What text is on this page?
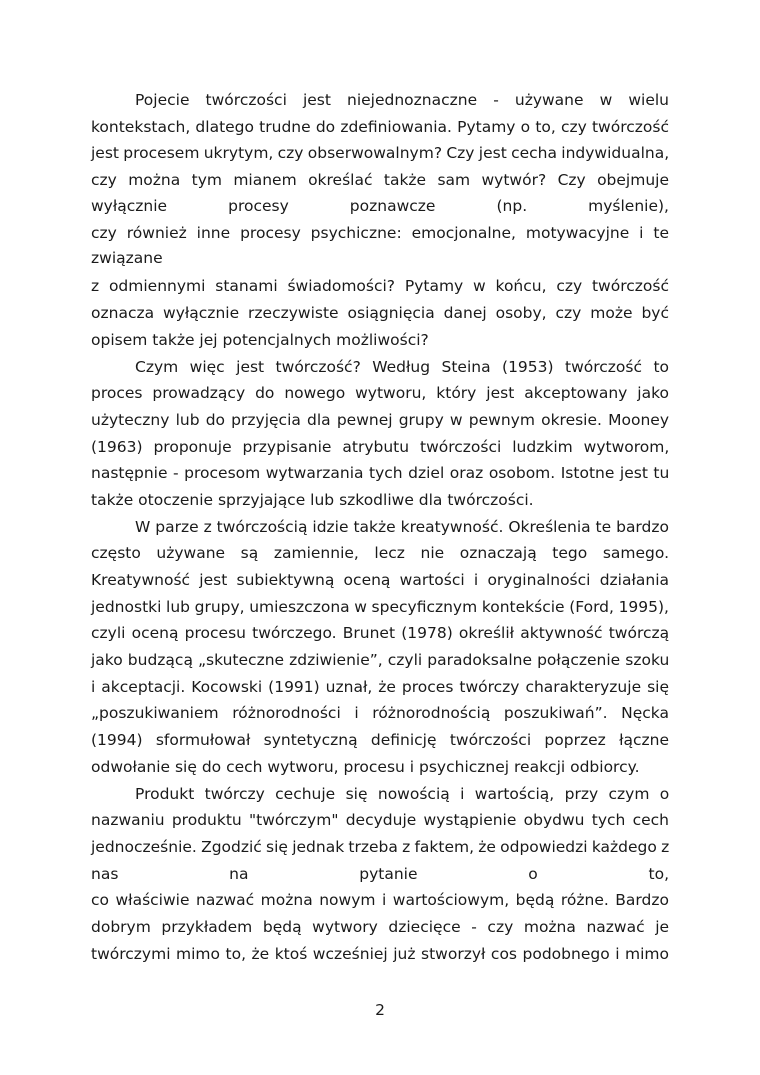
Pojecie twórczości jest niejednoznaczne - używane w wielu
kontekstach, dlatego trudne do zdefiniowania. Pytamy o to, czy twórczość
jest procesem ukrytym, czy obserwowalnym? Czy jest cecha indywidualna,
czy można tym mianem określać także sam wytwór? Czy obejmuje
wyłącznie procesy poznawcze (np. myślenie),
czy również inne procesy psychiczne: emocjonalne, motywacyjne i te
związane
z odmiennymi stanami świadomości? Pytamy w końcu, czy twórczość
oznacza wyłącznie rzeczywiste osiągnięcia danej osoby, czy może być
opisem także jej potencjalnych możliwości?
Czym więc jest twórczość? Według Steina (1953) twórczość to
proces prowadzący do nowego wytworu, który jest akceptowany jako
użyteczny lub do przyjęcia dla pewnej grupy w pewnym okresie. Mooney
(1963) proponuje przypisanie atrybutu twórczości ludzkim wytworom,
następnie - procesom wytwarzania tych dziel oraz osobom. Istotne jest tu
także otoczenie sprzyjające lub szkodliwe dla twórczości.
W parze z twórczością idzie także kreatywność. Określenia te bardzo
często używane są zamiennie, lecz nie oznaczają tego samego.
Kreatywność jest subiektywną oceną wartości i oryginalności działania
jednostki lub grupy, umieszczona w specyficznym kontekście (Ford, 1995),
czyli oceną procesu twórczego. Brunet (1978) określił aktywność twórczą
jako budzącą „skuteczne zdziwienie”, czyli paradoksalne połączenie szoku
i akceptacji. Kocowski (1991) uznał, że proces twórczy charakteryzuje się
„poszukiwaniem różnorodności i różnorodnością poszukiwań”. Nęcka
(1994) sformułował syntetyczną definicję twórczości poprzez łączne
odwołanie się do cech wytworu, procesu i psychicznej reakcji odbiorcy.
Produkt twórczy cechuje się nowością i wartością, przy czym o
nazwaniu produktu "twórczym" decyduje wystąpienie obydwu tych cech
jednocześnie. Zgodzić się jednak trzeba z faktem, że odpowiedzi każdego z
nas na pytanie o to,
co właściwie nazwać można nowym i wartościowym, będą różne. Bardzo
dobrym przykładem będą wytwory dziecięce - czy można nazwać je
twórczymi mimo to, że ktoś wcześniej już stworzył cos podobnego i mimo
2
